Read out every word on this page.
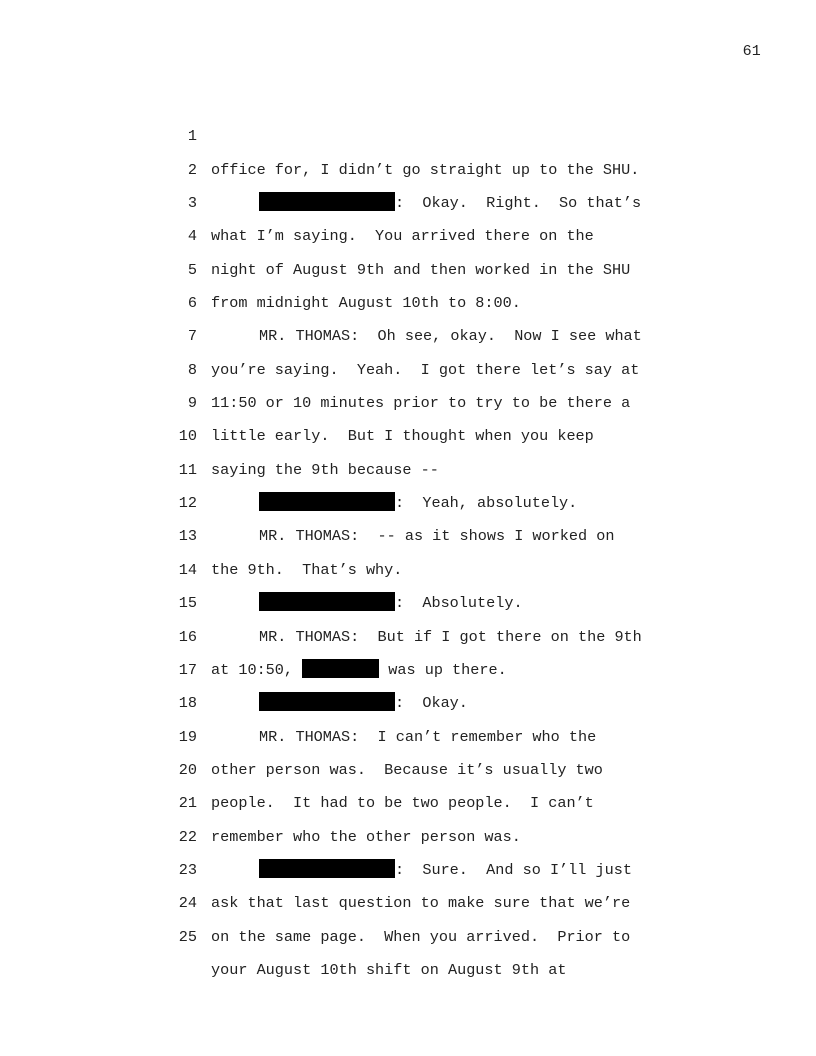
61

1

office for, I didn’t go straight up to the SHU.

2

:  Okay.  Right.  So that’s

3

what I’m saying.  You arrived there on the

4

night of August 9th and then worked in the SHU

5

from midnight August 10th to 8:00.

6

MR. THOMAS:  Oh see, okay.  Now I see what

7

you’re saying.  Yeah.  I got there let’s say at

8

11:50 or 10 minutes prior to try to be there a

9

little early.  But I thought when you keep

10

saying the 9th because --

11

:  Yeah, absolutely.

12

MR. THOMAS:  -- as it shows I worked on

13

the 9th.  That’s why.

14

:  Absolutely.

15

MR. THOMAS:  But if I got there on the 9th

16

at 10:50,	was up there.

17

:  Okay.

18

MR. THOMAS:  I can’t remember who the

19

other person was.  Because it’s usually two

20

people.  It had to be two people.  I can’t

21

remember who the other person was.

22

:  Sure.  And so I’ll just

23

ask that last question to make sure that we’re

24

on the same page.  When you arrived.  Prior to

25

your August 10th shift on August 9th at
